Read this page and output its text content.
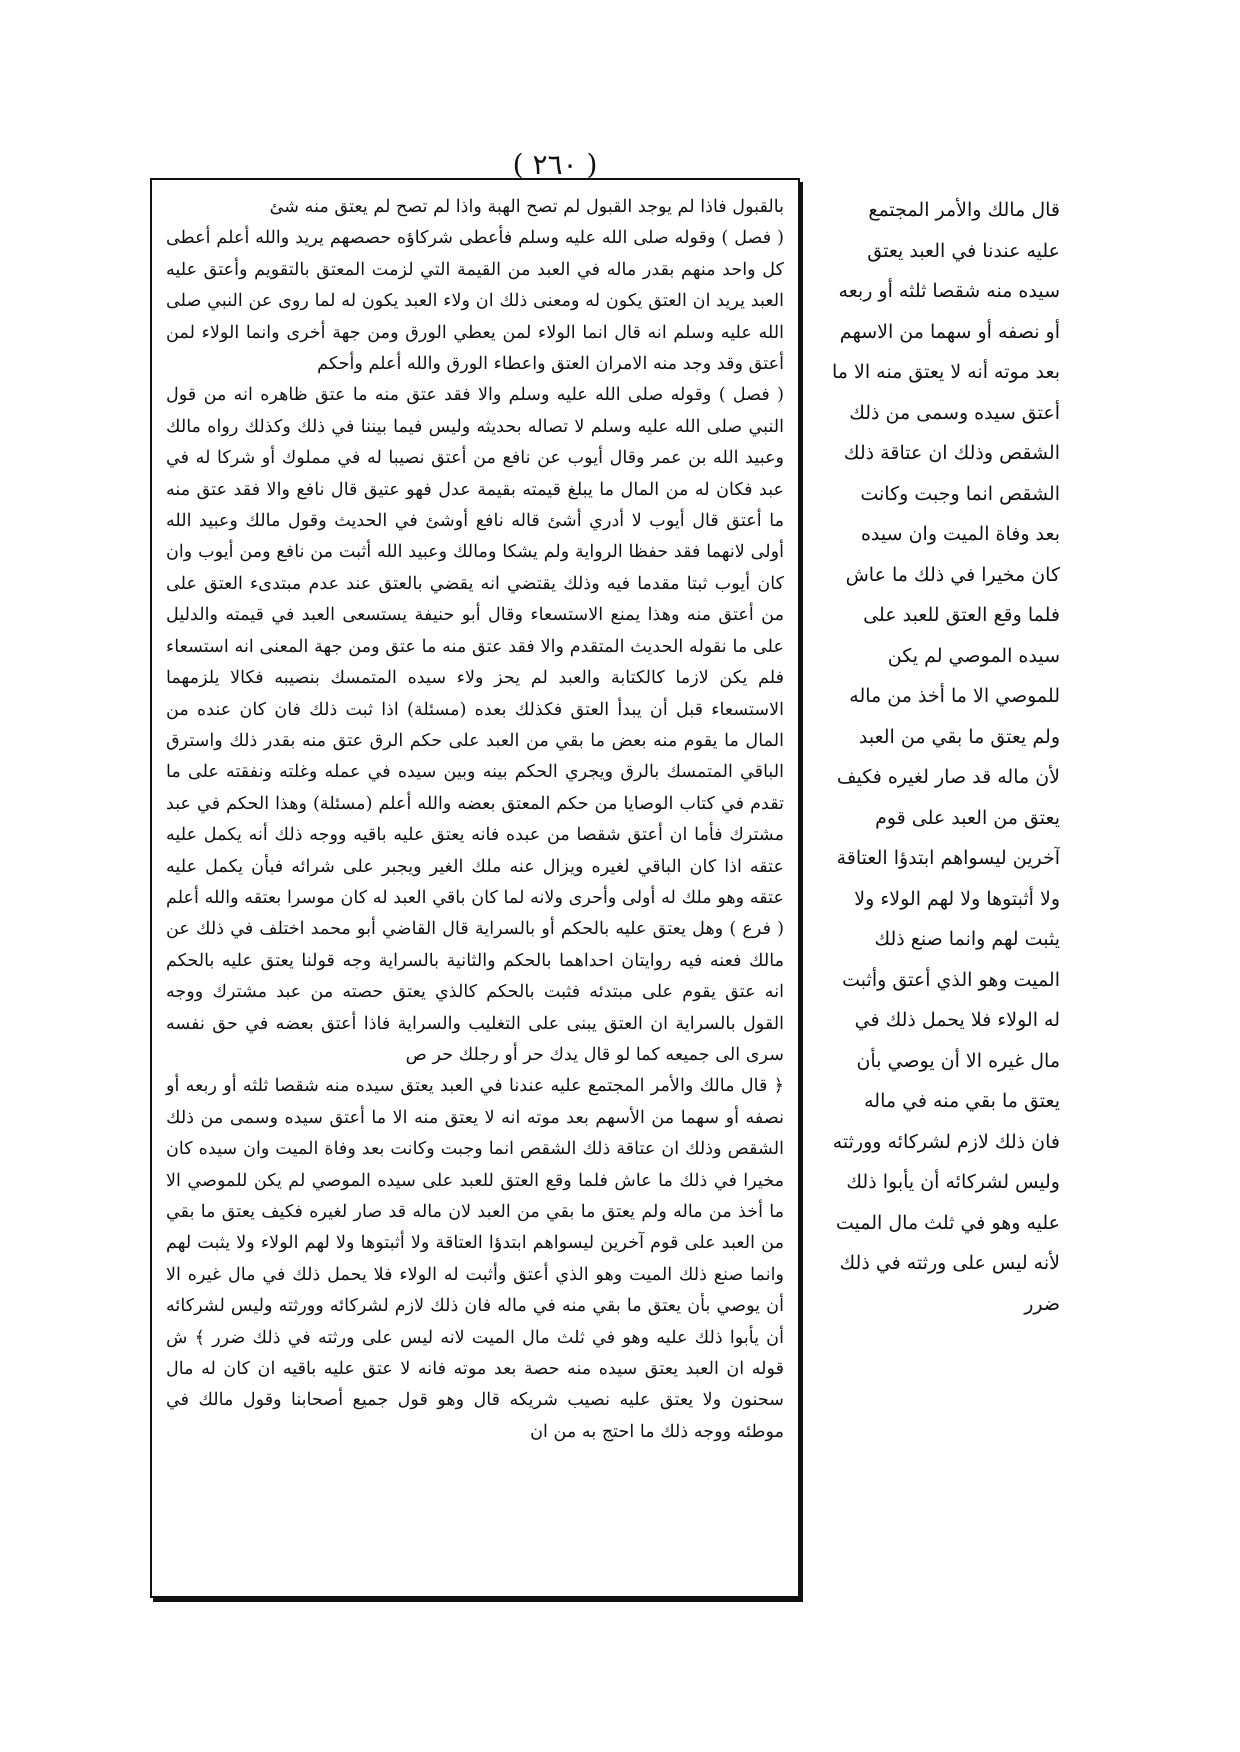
( ٢٦٠ )

بالقبول فاذا لم يوجد القبول لم تصح الهبة واذا لم تصح لم يعتق منه شئ

( فصل ) وقوله صلى الله عليه وسلم فأعطى شركاؤه حصصهم يريد والله أعلم أعطى كل واحد منهم بقدر ماله في العبد من القيمة التي لزمت المعتق بالتقويم وأعتق عليه العبد يريد ان العتق يكون له ومعنى ذلك ان ولاء العبد يكون له لما روى عن النبي صلى الله عليه وسلم انه قال انما الولاء لمن يعطي الورق ومن جهة أخرى وانما الولاء لمن أعتق وقد وجد منه الامران العتق واعطاء الورق والله أعلم وأحكم

( فصل ) وقوله صلى الله عليه وسلم والا فقد عتق منه ما عتق ظاهره انه من قول النبي صلى الله عليه وسلم لا تصاله بحديثه وليس فيما بيننا في ذلك وكذلك رواه مالك وعبيد الله بن عمر وقال أيوب عن نافع من أعتق نصيبا له في مملوك أو شركا له في عبد فكان له من المال ما يبلغ قيمته بقيمة عدل فهو عتيق قال نافع والا فقد عتق منه ما أعتق قال أيوب لا أدري أشئ قاله نافع أوشئ في الحديث وقول مالك وعبيد الله أولى لانهما فقد حفظا الرواية ولم يشكا ومالك وعبيد الله أثبت من نافع ومن أيوب وان كان أيوب ثبتا مقدما فيه وذلك يقتضي انه يقضي بالعتق عند عدم مبتدىء العتق على من أعتق منه وهذا يمنع الاستسعاء وقال أبو حنيفة يستسعى العبد في قيمته والدليل على ما نقوله الحديث المتقدم والا فقد عتق منه ما عتق ومن جهة المعنى انه استسعاء فلم يكن لازما كالكتابة والعبد لم يحز ولاء سيده المتمسك بنصيبه فكالا يلزمهما الاستسعاء قبل أن يبدأ العتق فكذلك بعده (مسئلة) اذا ثبت ذلك فان كان عنده من المال ما يقوم منه بعض ما بقي من العبد على حكم الرق عتق منه بقدر ذلك واسترق الباقي المتمسك بالرق ويجري الحكم بينه وبين سيده في عمله وغلته ونفقته على ما تقدم في كتاب الوصايا من حكم المعتق بعضه والله أعلم (مسئلة) وهذا الحكم في عبد مشترك فأما ان أعتق شقصا من عبده فانه يعتق عليه باقيه ووجه ذلك أنه يكمل عليه عتقه اذا كان الباقي لغيره ويزال عنه ملك الغير ويجبر على شرائه فبأن يكمل عليه عتقه وهو ملك له أولى وأحرى ولانه لما كان باقي العبد له كان موسرا بعتقه والله أعلم ( فرع ) وهل يعتق عليه بالحكم أو بالسراية قال القاضي أبو محمد اختلف في ذلك عن مالك فعنه فيه روايتان احداهما بالحكم والثانية بالسراية وجه قولنا يعتق عليه بالحكم انه عتق يقوم على مبتدئه فثبت بالحكم كالذي يعتق حصته من عبد مشترك ووجه القول بالسراية ان العتق يبنى على التغليب والسراية فاذا أعتق بعضه في حق نفسه سرى الى جميعه كما لو قال يدك حر أو رجلك حر ص

﴿ قال مالك والأمر المجتمع عليه عندنا في العبد يعتق سيده منه شقصا ثلثه أو ربعه أو نصفه أو سهما من الأسهم بعد موته انه لا يعتق منه الا ما أعتق سيده وسمى من ذلك الشقص وذلك ان عتاقة ذلك الشقص انما وجبت وكانت بعد وفاة الميت وان سيده كان مخيرا في ذلك ما عاش فلما وقع العتق للعبد على سيده الموصي لم يكن للموصي الا ما أخذ من ماله ولم يعتق ما بقي من العبد لان ماله قد صار لغيره فكيف يعتق ما بقي من العبد على قوم آخرين ليسواهم ابتدؤا العتاقة ولا أثبتوها ولا لهم الولاء ولا يثبت لهم وانما صنع ذلك الميت وهو الذي أعتق وأثبت له الولاء فلا يحمل ذلك في مال غيره الا أن يوصي بأن يعتق ما بقي منه في ماله فان ذلك لازم لشركائه وورثته وليس لشركائه أن يأبوا ذلك عليه وهو في ثلث مال الميت لانه ليس على ورثته في ذلك ضرر ﴾ ش قوله ان العبد يعتق سيده منه حصة بعد موته فانه لا عتق عليه باقيه ان كان له مال سحنون ولا يعتق عليه نصيب شريكه قال وهو قول جميع أصحابنا وقول مالك في موطئه ووجه ذلك ما احتج به من ان

قال مالك والأمر المجتمع عليه عندنا في العبد يعتق سيده منه شقصا ثلثه أو ربعه أو نصفه أو سهما من الاسهم بعد موته أنه لا يعتق منه الا ما أعتق سيده وسمى من ذلك الشقص وذلك ان عتاقة ذلك الشقص انما وجبت وكانت بعد وفاة الميت وان سيده كان مخيرا في ذلك ما عاش فلما وقع العتق للعبد على سيده الموصي لم يكن للموصي الا ما أخذ من ماله ولم يعتق ما بقي من العبد لأن ماله قد صار لغيره فكيف يعتق من العبد على قوم آخرين ليسواهم ابتدؤا العتاقة ولا أثبتوها ولا لهم الولاء ولا يثبت لهم وانما صنع ذلك الميت وهو الذي أعتق وأثبت له الولاء فلا يحمل ذلك في مال غيره الا أن يوصي بأن يعتق ما بقي منه في ماله فان ذلك لازم لشركائه وورثته وليس لشركائه أن يأبوا ذلك عليه وهو في ثلث مال الميت لأنه ليس على ورثته في ذلك ضرر
